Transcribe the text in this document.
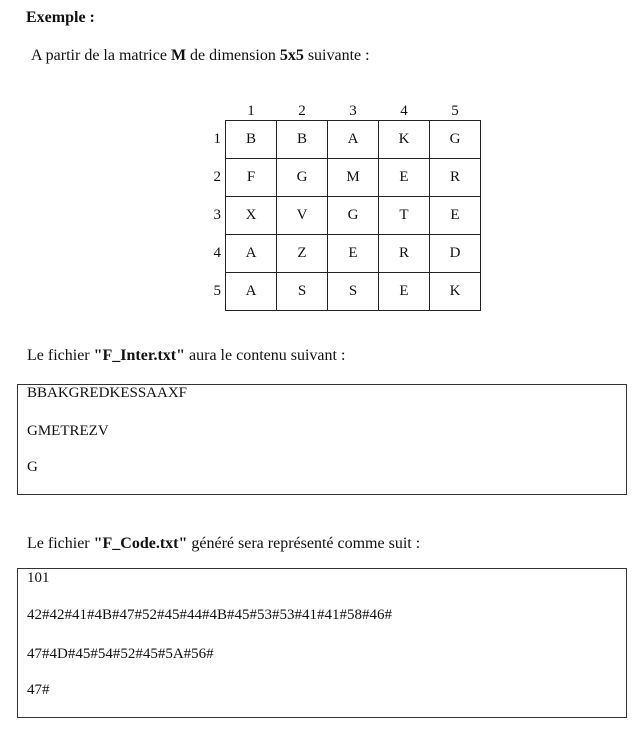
Exemple :
A partir de la matrice M de dimension 5x5 suivante :
	1	2	3	4	5
1	B	B	A	K	G
2	F	G	M	E	R
3	X	V	G	T	E
4	A	Z	E	R	D
5	A	S	S	E	K
Le fichier "F_Inter.txt" aura le contenu suivant :
BBAKGREDKESSAAXF
GMETREZV
G
Le fichier "F_Code.txt" généré sera représenté comme suit :
101
42#42#41#4B#47#52#45#44#4B#45#53#53#41#41#58#46#
47#4D#45#54#52#45#5A#56#
47#
